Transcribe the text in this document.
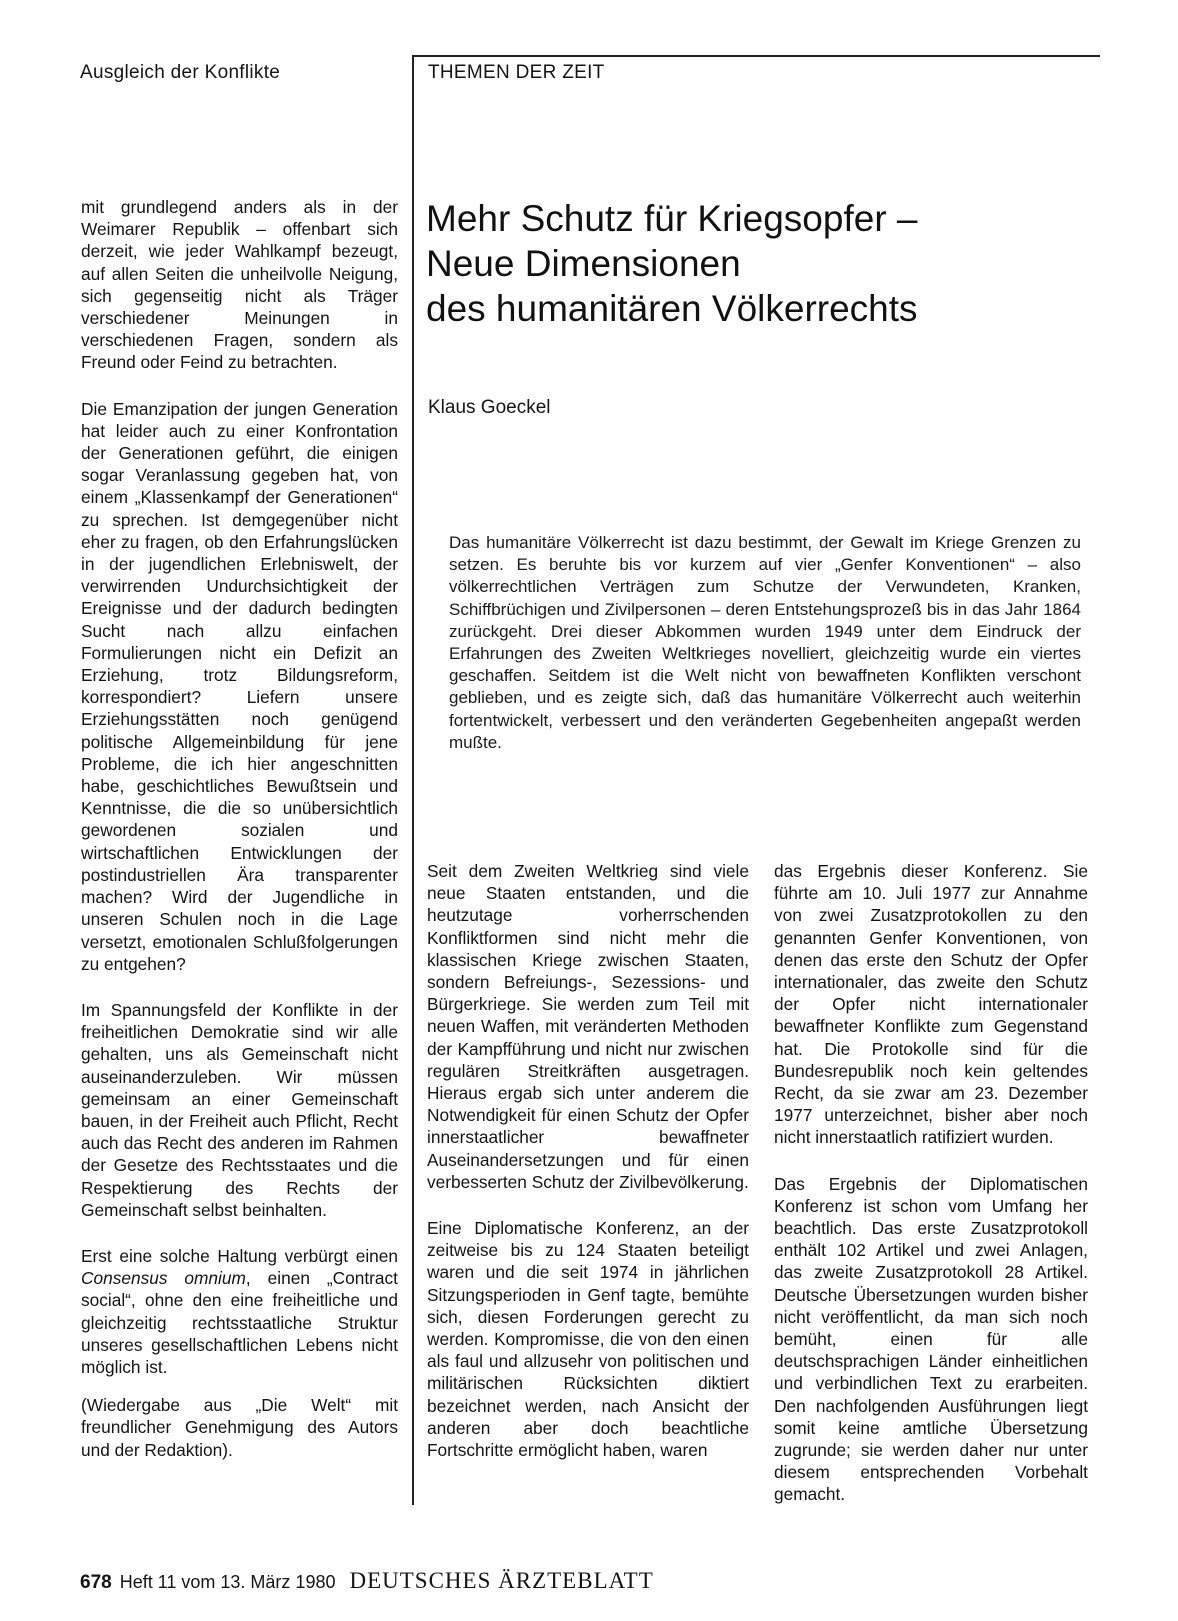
Ausgleich der Konflikte	THEMEN DER ZEIT
Mehr Schutz für Kriegsopfer –
Neue Dimensionen
des humanitären Völkerrechts
Klaus Goeckel

mit grundlegend anders als in der Weimarer Republik – offenbart sich derzeit, wie jeder Wahlkampf bezeugt, auf allen Seiten die unheilvolle Neigung, sich gegenseitig nicht als Träger verschiedener Meinungen in verschiedenen Fragen, sondern als Freund oder Feind zu betrachten.

Die Emanzipation der jungen Generation hat leider auch zu einer Konfrontation der Generationen geführt, die einigen sogar Veranlassung gegeben hat, von einem „Klassenkampf der Generationen“ zu sprechen. Ist demgegenüber nicht eher zu fragen, ob den Erfahrungslücken in der jugendlichen Erlebniswelt, der verwirrenden Undurchsichtigkeit der Ereignisse und der dadurch bedingten Sucht nach allzu einfachen Formulierungen nicht ein Defizit an Erziehung, trotz Bildungsreform, korrespondiert? Liefern unsere Erziehungsstätten noch genügend politische Allgemeinbildung für jene Probleme, die ich hier angeschnitten habe, geschichtliches Bewußtsein und Kenntnisse, die die so unübersichtlich gewordenen sozialen und wirtschaftlichen Entwicklungen der postindustriellen Ära transparenter machen? Wird der Jugendliche in unseren Schulen noch in die Lage versetzt, emotionalen Schlußfolgerungen zu entgehen?

Im Spannungsfeld der Konflikte in der freiheitlichen Demokratie sind wir alle gehalten, uns als Gemeinschaft nicht auseinanderzuleben. Wir müssen gemeinsam an einer Gemeinschaft bauen, in der Freiheit auch Pflicht, Recht auch das Recht des anderen im Rahmen der Gesetze des Rechtsstaates und die Respektierung des Rechts der Gemeinschaft selbst beinhalten.

Erst eine solche Haltung verbürgt einen Consensus omnium, einen „Contract social“, ohne den eine freiheitliche und gleichzeitig rechtsstaatliche Struktur unseres gesellschaftlichen Lebens nicht möglich ist.

(Wiedergabe aus „Die Welt“ mit freundlicher Genehmigung des Autors und der Redaktion).

Das humanitäre Völkerrecht ist dazu bestimmt, der Gewalt im Kriege Grenzen zu setzen. Es beruhte bis vor kurzem auf vier „Genfer Konventionen“ – also völkerrechtlichen Verträgen zum Schutze der Verwundeten, Kranken, Schiffbrüchigen und Zivilpersonen – deren Entstehungsprozeß bis in das Jahr 1864 zurückgeht. Drei dieser Abkommen wurden 1949 unter dem Eindruck der Erfahrungen des Zweiten Weltkrieges novelliert, gleichzeitig wurde ein viertes geschaffen. Seitdem ist die Welt nicht von bewaffneten Konflikten verschont geblieben, und es zeigte sich, daß das humanitäre Völkerrecht auch weiterhin fortentwickelt, verbessert und den veränderten Gegebenheiten angepaßt werden mußte.

Seit dem Zweiten Weltkrieg sind viele neue Staaten entstanden, und die heutzutage vorherrschenden Konfliktformen sind nicht mehr die klassischen Kriege zwischen Staaten, sondern Befreiungs-, Sezessions- und Bürgerkriege. Sie werden zum Teil mit neuen Waffen, mit veränderten Methoden der Kampfführung und nicht nur zwischen regulären Streitkräften ausgetragen. Hieraus ergab sich unter anderem die Notwendigkeit für einen Schutz der Opfer innerstaatlicher bewaffneter Auseinandersetzungen und für einen verbesserten Schutz der Zivilbevölkerung.

Eine Diplomatische Konferenz, an der zeitweise bis zu 124 Staaten beteiligt waren und die seit 1974 in jährlichen Sitzungsperioden in Genf tagte, bemühte sich, diesen Forderungen gerecht zu werden. Kompromisse, die von den einen als faul und allzusehr von politischen und militärischen Rücksichten diktiert bezeichnet werden, nach Ansicht der anderen aber doch beachtliche Fortschritte ermöglicht haben, waren

das Ergebnis dieser Konferenz. Sie führte am 10. Juli 1977 zur Annahme von zwei Zusatzprotokollen zu den genannten Genfer Konventionen, von denen das erste den Schutz der Opfer internationaler, das zweite den Schutz der Opfer nicht internationaler bewaffneter Konflikte zum Gegenstand hat. Die Protokolle sind für die Bundesrepublik noch kein geltendes Recht, da sie zwar am 23. Dezember 1977 unterzeichnet, bisher aber noch nicht innerstaatlich ratifiziert wurden.

Das Ergebnis der Diplomatischen Konferenz ist schon vom Umfang her beachtlich. Das erste Zusatzprotokoll enthält 102 Artikel und zwei Anlagen, das zweite Zusatzprotokoll 28 Artikel. Deutsche Übersetzungen wurden bisher nicht veröffentlicht, da man sich noch bemüht, einen für alle deutschsprachigen Länder einheitlichen und verbindlichen Text zu erarbeiten. Den nachfolgenden Ausführungen liegt somit keine amtliche Übersetzung zugrunde; sie werden daher nur unter diesem entsprechenden Vorbehalt gemacht.

678 Heft 11 vom 13. März 1980 DEUTSCHES ÄRZTEBLATT
